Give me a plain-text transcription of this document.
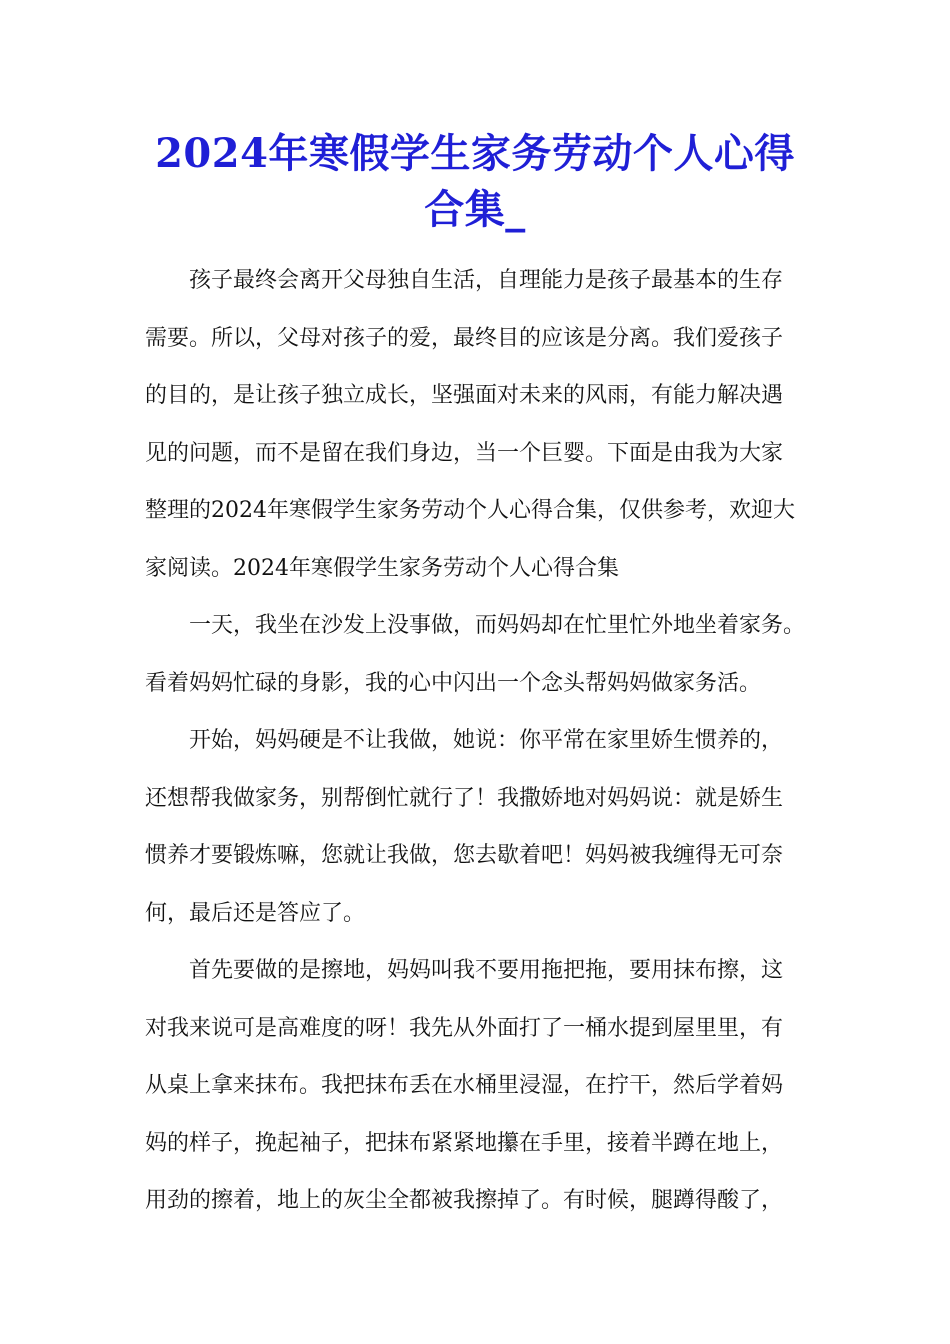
2024年寒假学生家务劳动个人心得
合集_
孩子最终会离开父母独自生活，自理能力是孩子最基本的生存
需要。所以，父母对孩子的爱，最终目的应该是分离。我们爱孩子
的目的，是让孩子独立成长，坚强面对未来的风雨，有能力解决遇
见的问题，而不是留在我们身边，当一个巨婴。下面是由我为大家
整理的2024年寒假学生家务劳动个人心得合集，仅供参考，欢迎大
家阅读。2024年寒假学生家务劳动个人心得合集
一天，我坐在沙发上没事做，而妈妈却在忙里忙外地坐着家务。
看着妈妈忙碌的身影，我的心中闪出一个念头帮妈妈做家务活。
开始，妈妈硬是不让我做，她说：你平常在家里娇生惯养的，
还想帮我做家务，别帮倒忙就行了！我撒娇地对妈妈说：就是娇生
惯养才要锻炼嘛，您就让我做，您去歇着吧！妈妈被我缠得无可奈
何，最后还是答应了。
首先要做的是擦地，妈妈叫我不要用拖把拖，要用抹布擦，这
对我来说可是高难度的呀！我先从外面打了一桶水提到屋里里，有
从桌上拿来抹布。我把抹布丢在水桶里浸湿，在拧干，然后学着妈
妈的样子，挽起袖子，把抹布紧紧地攥在手里，接着半蹲在地上，
用劲的擦着，地上的灰尘全都被我擦掉了。有时候，腿蹲得酸了，
